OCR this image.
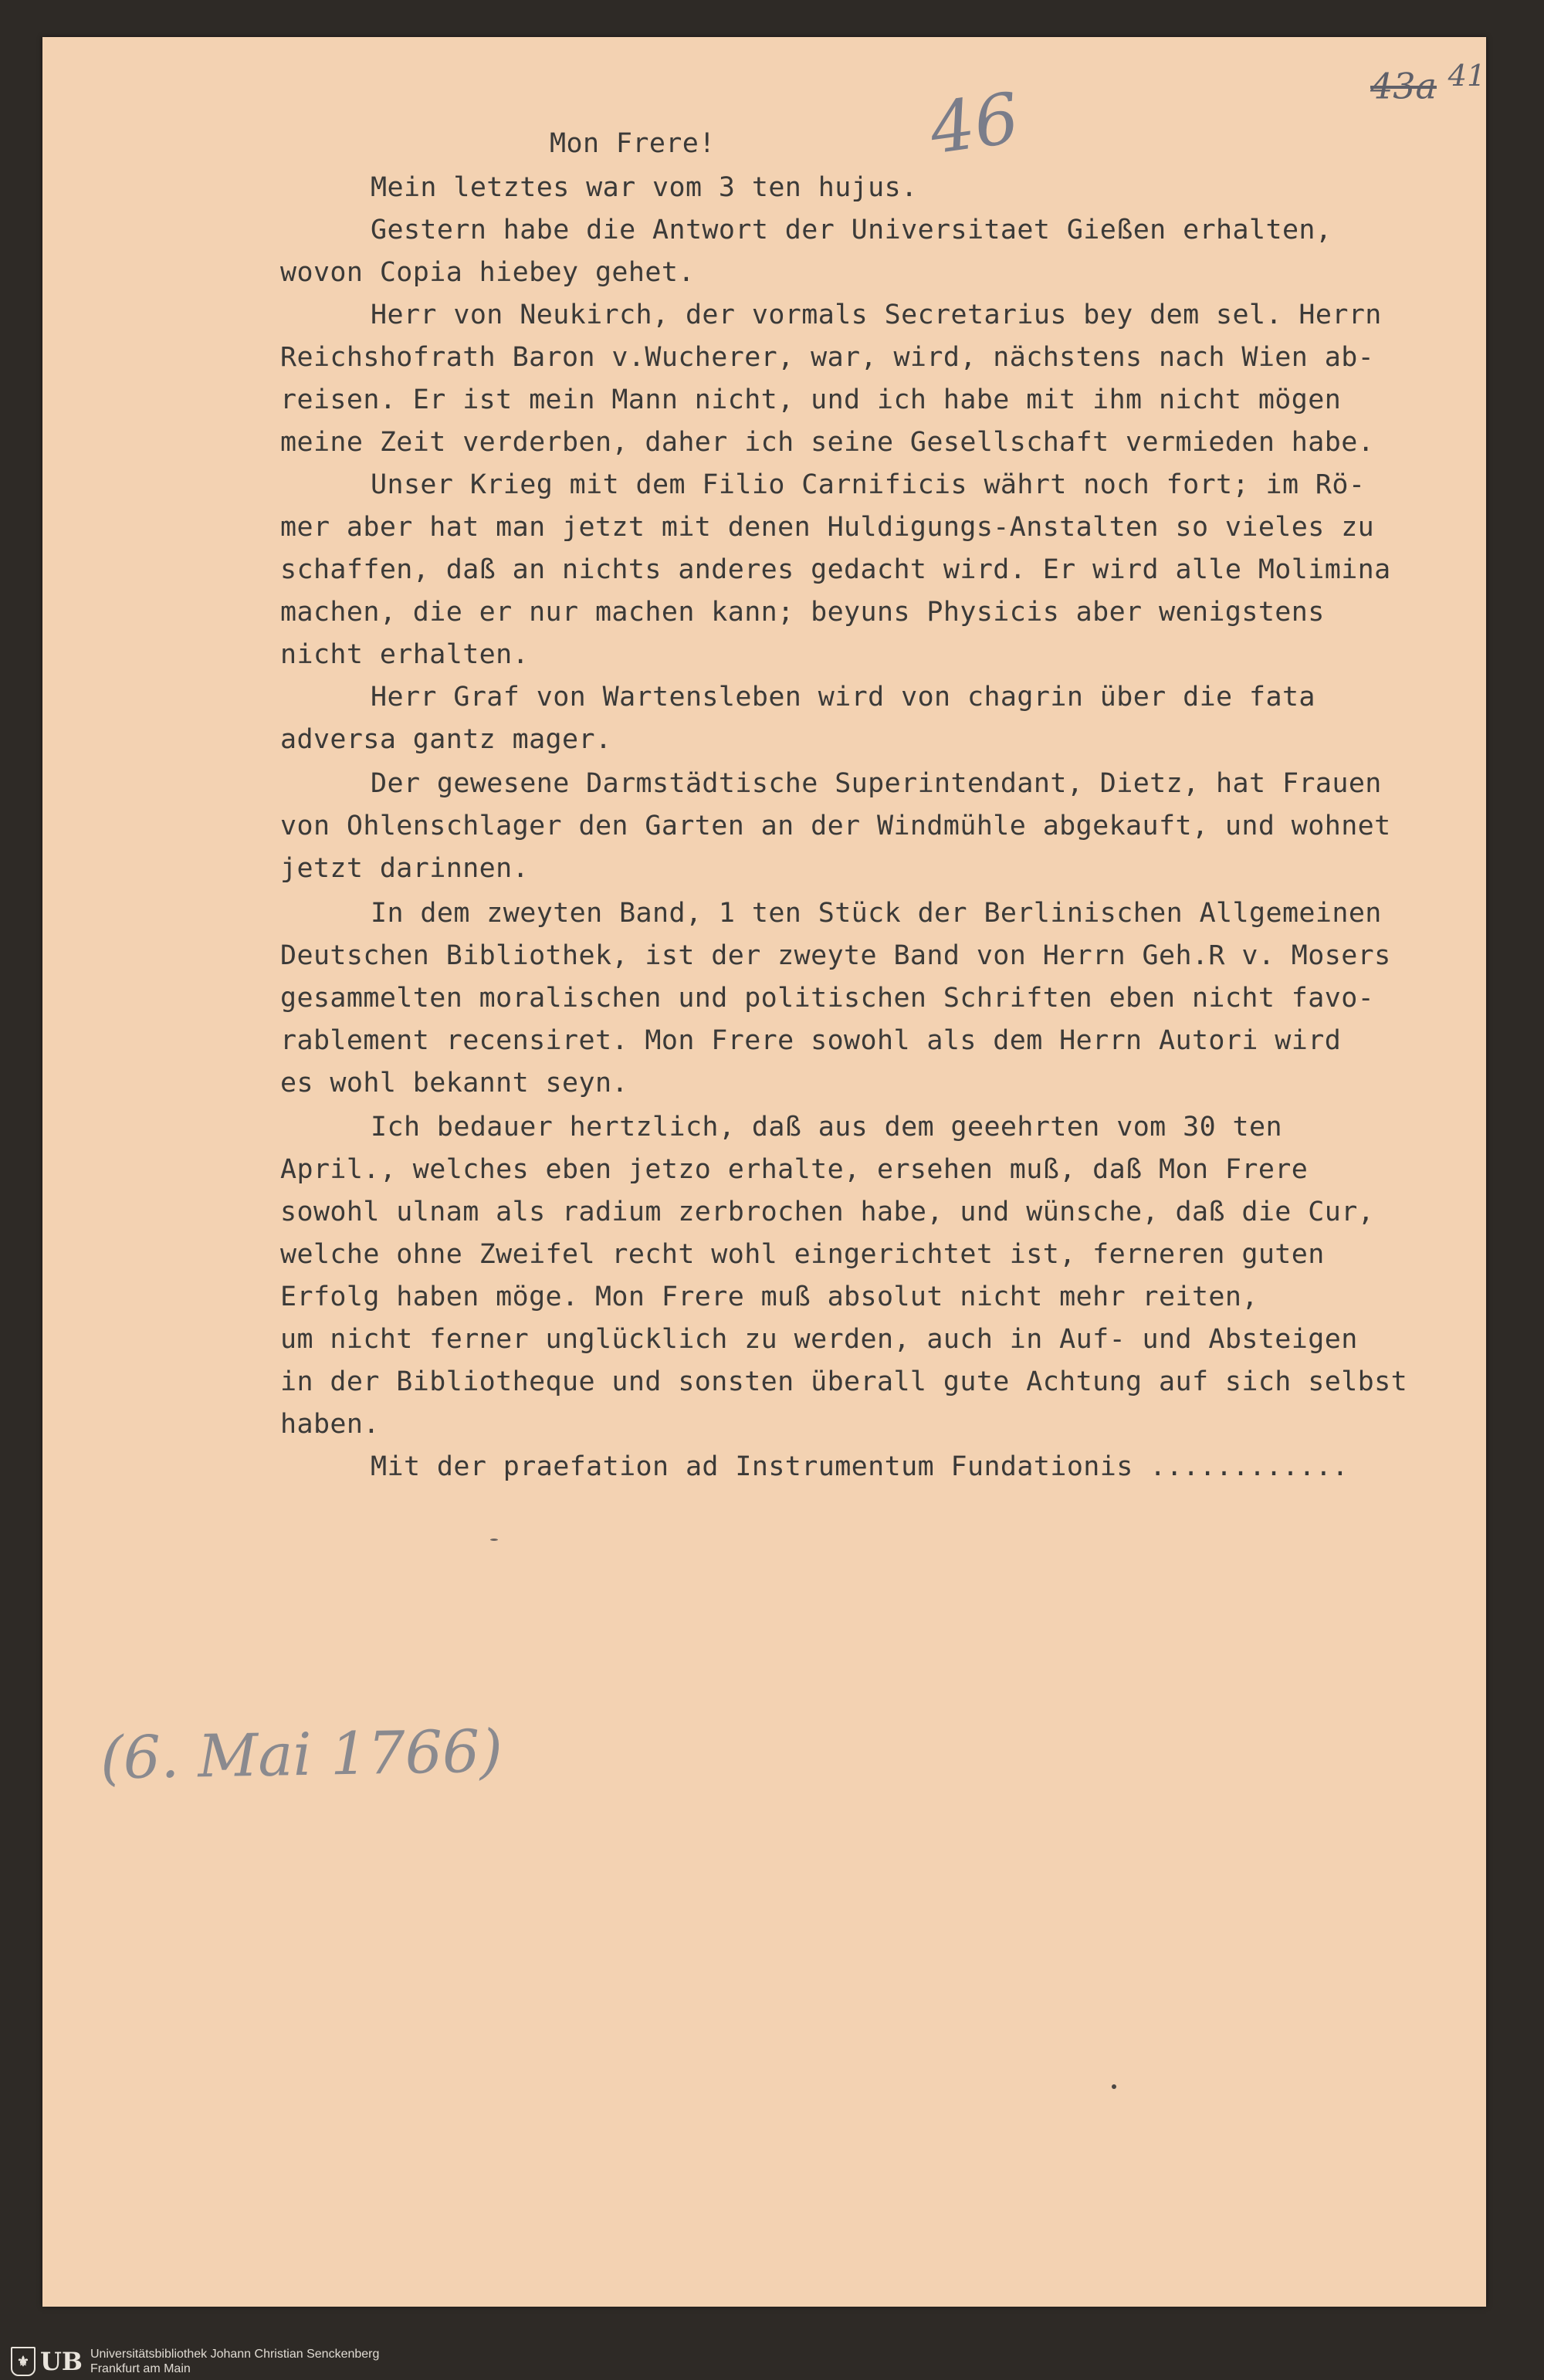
46	43a $^{41}$
Mon Frere!
Mein letztes war vom 3 ten hujus.
Gestern habe die Antwort der Universitaet Gießen erhalten,
wovon Copia hiebey gehet.
Herr von Neukirch, der vormals Secretarius bey dem sel. Herrn
Reichshofrath Baron v.Wucherer, war, wird, nächstens nach Wien ab-
reisen. Er ist mein Mann nicht, und ich habe mit ihm nicht mögen
meine Zeit verderben, daher ich seine Gesellschaft vermieden habe.
Unser Krieg mit dem Filio Carnificis währt noch fort; im Rö-
mer aber hat man jetzt mit denen Huldigungs-Anstalten so vieles zu
schaffen, daß an nichts anderes gedacht wird. Er wird alle Molimina
machen, die er nur machen kann; beyuns Physicis aber wenigstens
nicht erhalten.
Herr Graf von Wartensleben wird von chagrin über die fata
adversa gantz mager.
Der gewesene Darmstädtische Superintendant, Dietz, hat Frauen
von Ohlenschlager den Garten an der Windmühle abgekauft, und wohnet
jetzt darinnen.
In dem zweyten Band, 1 ten Stück der Berlinischen Allgemeinen
Deutschen Bibliothek, ist der zweyte Band von Herrn Geh.R v. Mosers
gesammelten moralischen und politischen Schriften eben nicht favo-
rablement recensiret. Mon Frere sowohl als dem Herrn Autori wird
es wohl bekannt seyn.
Ich bedauer hertzlich, daß aus dem geeehrten vom 30 ten
April., welches eben jetzo erhalte, ersehen muß, daß Mon Frere
sowohl ulnam als radium zerbrochen habe, und wünsche, daß die Cur,
welche ohne Zweifel recht wohl eingerichtet ist, ferneren guten
Erfolg haben möge. Mon Frere muß absolut nicht mehr reiten,
um nicht ferner unglücklich zu werden, auch in Auf- und Absteigen
in der Bibliotheque und sonsten überall gute Achtung auf sich selbst
haben.
Mit der praefation ad Instrumentum Fundationis ............
(6. Mai 1766)
⚜ UB Universitätsbibliothek Johann Christian Senckenberg
Frankfurt am Main
